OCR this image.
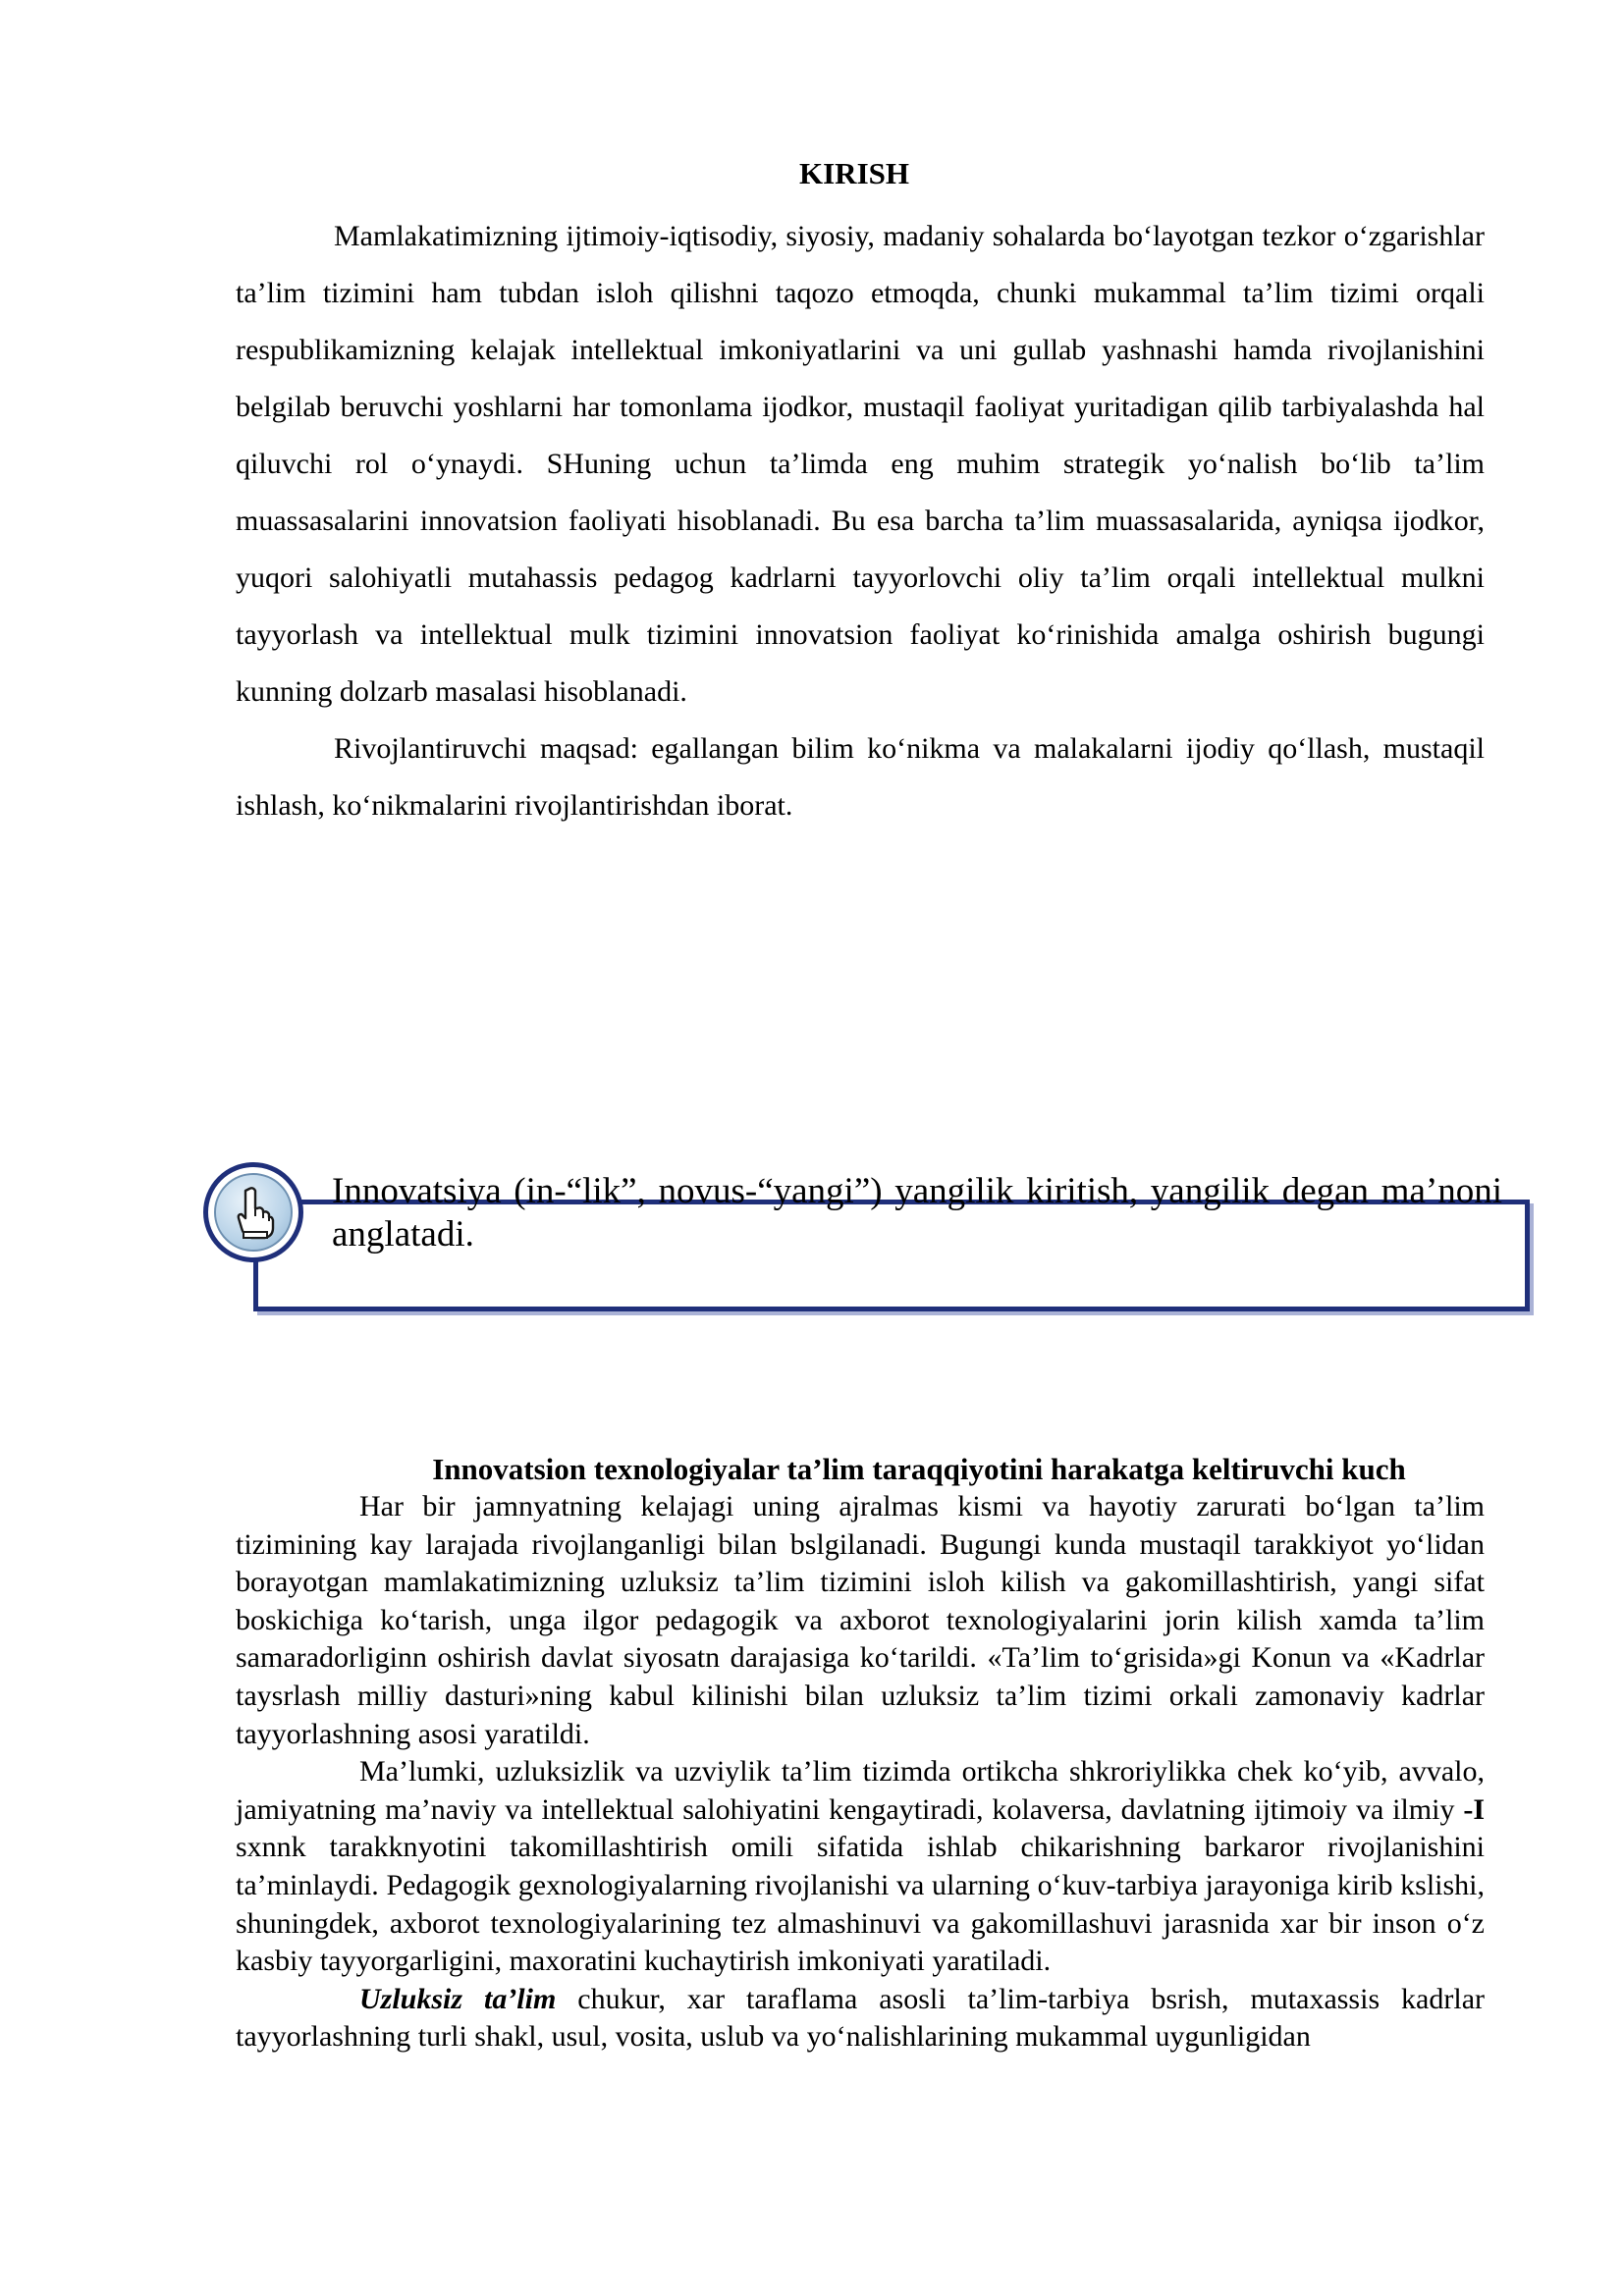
KIRISH

Mamlakatimizning ijtimoiy-iqtisodiy, siyosiy, madaniy sohalarda bo‘layotgan tezkor o‘zgarishlar ta’lim tizimini ham tubdan isloh qilishni taqozo etmoqda, chunki mukammal ta’lim tizimi orqali respublikamizning kelajak intellektual imkoniyatlarini va uni gullab yashnashi hamda rivojlanishini belgilab beruvchi yoshlarni har tomonlama ijodkor, mustaqil faoliyat yuritadigan qilib tarbiyalashda hal qiluvchi rol o‘ynaydi. SHuning uchun ta’limda eng muhim strategik yo‘nalish bo‘lib ta’lim muassasalarini innovatsion faoliyati hisoblanadi. Bu esa barcha ta’lim muassasalarida, ayniqsa ijodkor, yuqori salohiyatli mutahassis pedagog kadrlarni tayyorlovchi oliy ta’lim orqali intellektual mulkni tayyorlash va intellektual mulk tizimini innovatsion faoliyat ko‘rinishida amalga oshirish bugungi kunning dolzarb masalasi hisoblanadi.

Rivojlantiruvchi maqsad: egallangan bilim ko‘nikma va malakalarni ijodiy qo‘llash, mustaqil ishlash, ko‘nikmalarini rivojlantirishdan iborat.

Innovatsiya (in-“lik”, novus-“yangi”) yangilik kiritish, yangilik degan ma’noni anglatadi.
Innovatsion texnologiyalar ta’lim taraqqiyotini harakatga keltiruvchi kuch

Har bir jamnyatning kelajagi uning ajralmas kismi va hayotiy zarurati bo‘lgan ta’lim tizimining kay larajada rivojlanganligi bilan bslgilanadi. Bugungi kunda mustaqil tarakkiyot yo‘lidan borayotgan mamlakatimizning uzluksiz ta’lim tizimini isloh kilish va gakomillashtirish, yangi sifat boskichiga ko‘tarish, unga ilgor pedagogik va axborot texnologiyalarini jorin kilish xamda ta’lim samaradorliginn oshirish davlat siyosatn darajasiga ko‘tarildi. «Ta’lim to‘grisida»gi Konun va «Kadrlar taysrlash milliy dasturi»ning kabul kilinishi bilan uzluksiz ta’lim tizimi orkali zamonaviy kadrlar tayyorlashning asosi yaratildi.

Ma’lumki, uzluksizlik va uzviylik ta’lim tizimda ortikcha shkroriylikka chek ko‘yib, avvalo, jamiyatning ma’naviy va intellektual salohiyatini kengaytiradi, kolaversa, davlatning ijtimoiy va ilmiy -I sxnnk tarakknyotini takomillashtirish omili sifatida ishlab chikarishning barkaror rivojlanishini ta’minlaydi. Pedagogik gexnologiyalarning rivojlanishi va ularning o‘kuv-tarbiya jarayoniga kirib kslishi, shuningdek, axborot texnologiyalarining tez almashinuvi va gakomillashuvi jarasnida xar bir inson o‘z kasbiy tayyorgarligini, maxoratini kuchaytirish imkoniyati yaratiladi.

Uzluksiz ta’lim chukur, xar taraflama asosli ta’lim-tarbiya bsrish, mutaxassis kadrlar tayyorlashning turli shakl, usul, vosita, uslub va yo‘nalishlarining mukammal uygunligidan
